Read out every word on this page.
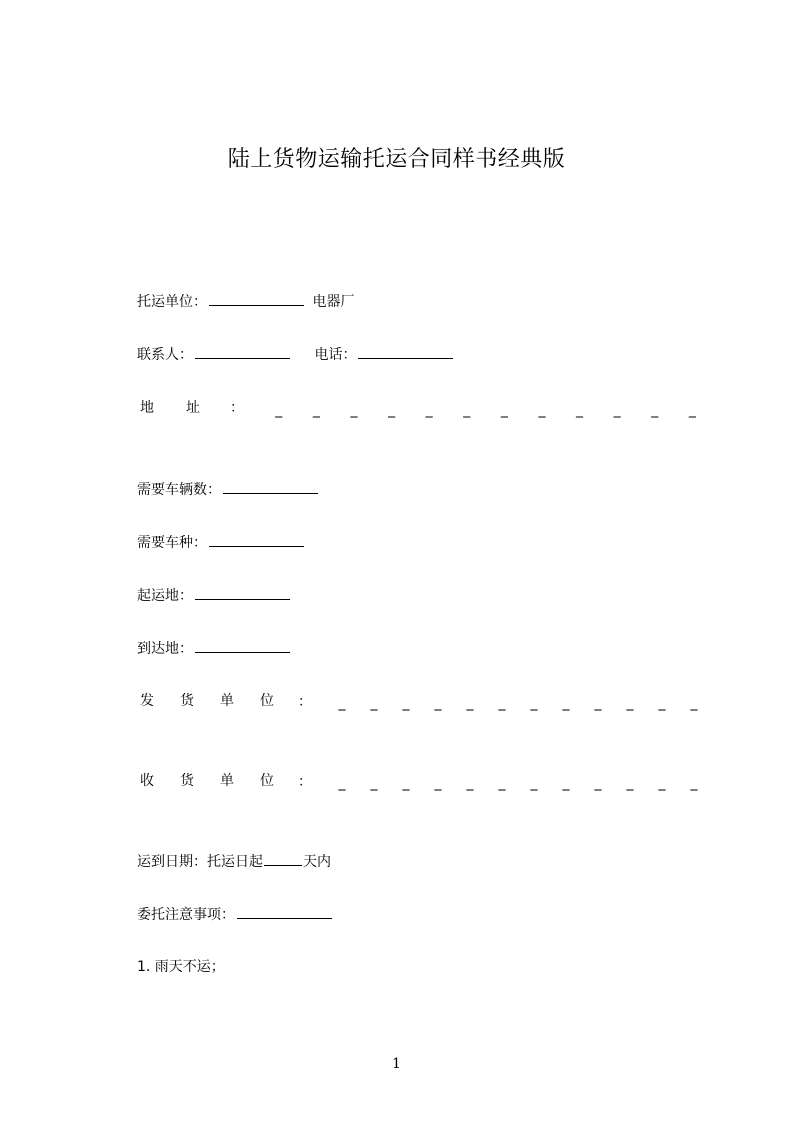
陆上货物运输托运合同样书经典版
托运单位：	电器厂
联系人：	电话：
地 址 ：	_ _ _ _ _ _ _ _ _ _ _ _
需要车辆数：
需要车种：
起运地：
到达地：
发 货 单 位 ：	_ _ _ _ _ _ _ _ _ _ _ _
收 货 单 位 ：	_ _ _ _ _ _ _ _ _ _ _ _
运到日期：托运日起	天内
委托注意事项：
1. 雨天不运；
1
